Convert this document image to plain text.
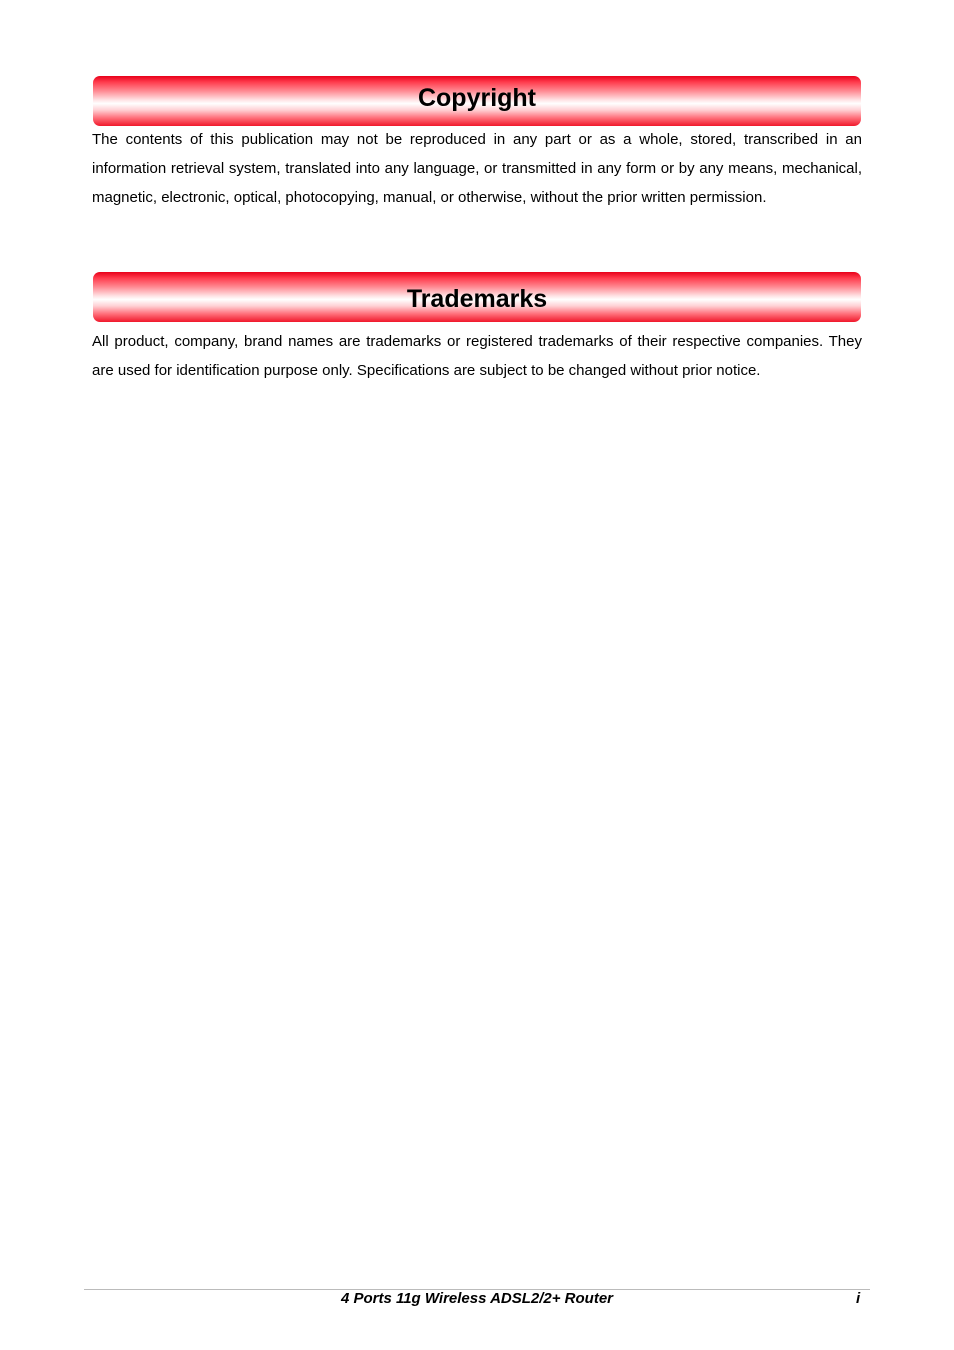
Copyright

The contents of this publication may not be reproduced in any part or as a whole, stored, transcribed in an information retrieval system, translated into any language, or transmitted in any form or by any means, mechanical, magnetic, electronic, optical, photocopying, manual, or otherwise, without the prior written permission.

Trademarks

All product, company, brand names are trademarks or registered trademarks of their respective companies. They are used for identification purpose only. Specifications are subject to be changed without prior notice.

4 Ports 11g Wireless ADSL2/2+ Router	i
